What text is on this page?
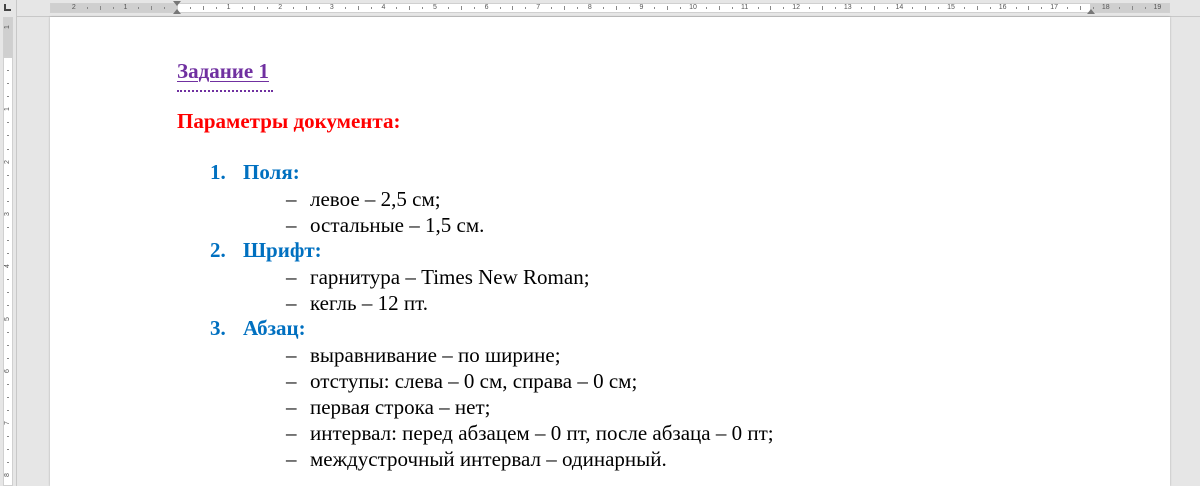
2	1	1	2	3	4	5	6	7	8	9	10	11	12	13	14	15	16	17	18	19
1
1
2
3
4
5
6
7
8
Задание 1
Параметры документа:
1. Поля:
– левое – 2,5 см;
– остальные – 1,5 см.
2. Шрифт:
– гарнитура – Times New Roman;
– кегль – 12 пт.
3. Абзац:
– выравнивание – по ширине;
– отступы: слева – 0 см, справа – 0 см;
– первая строка – нет;
– интервал: перед абзацем – 0 пт, после абзаца – 0 пт;
– междустрочный интервал – одинарный.
